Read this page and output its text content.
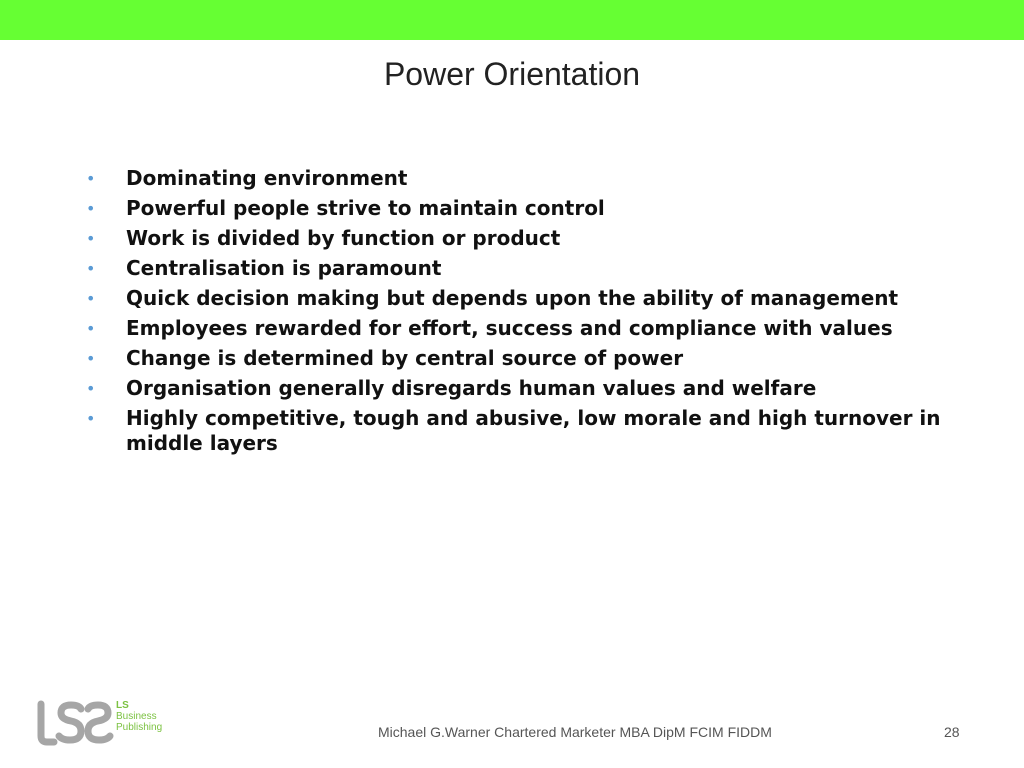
Power Orientation
• Dominating environment
• Powerful people strive to maintain control
• Work is divided by function or product
• Centralisation is paramount
• Quick decision making but depends upon the ability of management
• Employees rewarded for effort, success and compliance with values
• Change is determined by central source of power
• Organisation generally disregards human values and welfare
• Highly competitive, tough and abusive, low morale and high turnover in middle layers
LS
Business
Publishing	Michael G.Warner Chartered Marketer MBA DipM FCIM FIDDM	28
